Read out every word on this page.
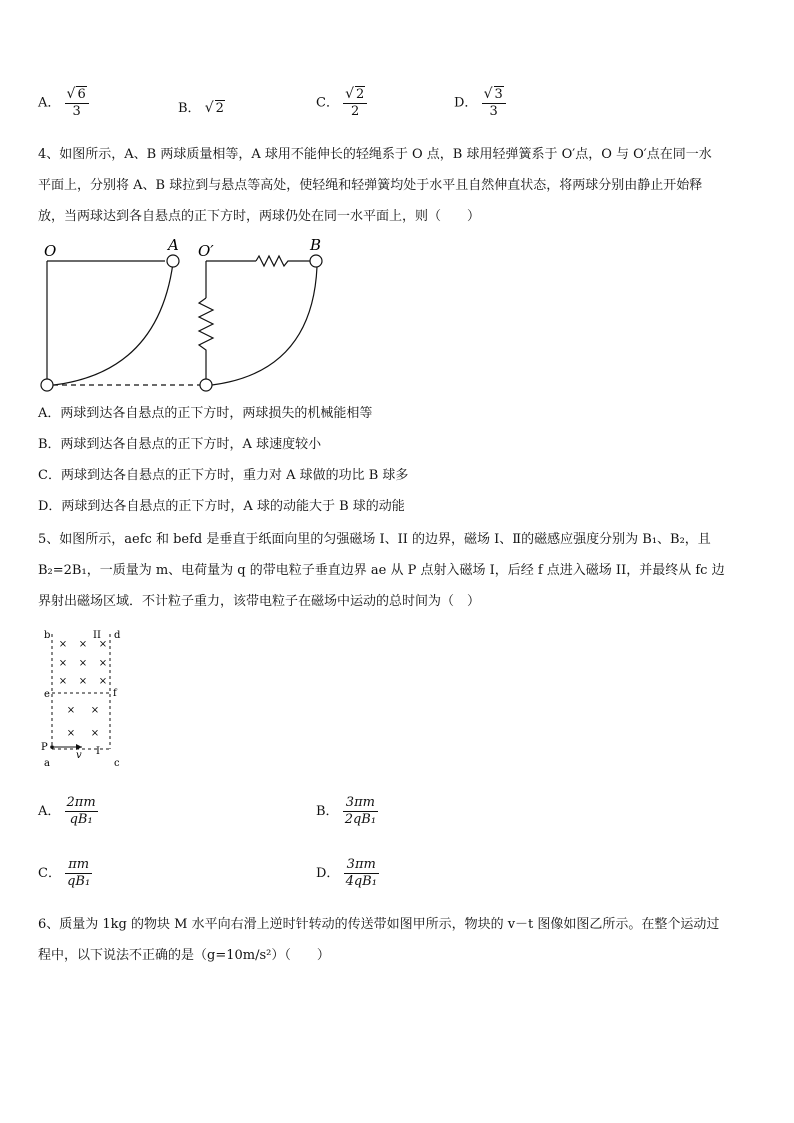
A． $\frac{√ 6}{3}$	B． √ 2	C． $\frac{√ 2}{2}$	D． $\frac{√ 3}{3}$
4、如图所示，A、B 两球质量相等，A 球用不能伸长的轻绳系于 O 点，B 球用轻弹簧系于 O′点，O 与 O′点在同一水
平面上，分别将 A、B 球拉到与悬点等高处，使轻绳和轻弹簧均处于水平且自然伸直状态，将两球分别由静止开始释
放，当两球达到各自悬点的正下方时，两球仍处在同一水平面上，则（　　）
O	A O′	B
A．两球到达各自悬点的正下方时，两球损失的机械能相等
B．两球到达各自悬点的正下方时，A 球速度较小
C．两球到达各自悬点的正下方时，重力对 A 球做的功比 B 球多
D．两球到达各自悬点的正下方时，A 球的动能大于 B 球的动能
5、如图所示，aefc 和 befd 是垂直于纸面向里的匀强磁场 I、II 的边界，磁场 I、Ⅱ的磁感应强度分别为 B₁、B₂，且
B₂=2B₁，一质量为 m、电荷量为 q 的带电粒子垂直边界 ae 从 P 点射入磁场 I，后经 f 点进入磁场 II，并最终从 fc 边
界射出磁场区域．不计粒子重力，该带电粒子在磁场中运动的总时间为（　）
× × ×
× × ×
× × ×
× ×
× ×
b	II d
e	f
P
v I
a	c
A． $\frac{2\pi m}{\text{qB₁}}$	B． $\frac{3\pi m}{\text{2qB₁}}$
C． $\frac{\pi m}{\text{qB₁}}$	D． $\frac{3\pi m}{\text{4qB₁}}$
6、质量为 1kg 的物块 M 水平向右滑上逆时针转动的传送带如图甲所示，物块的 v－t 图像如图乙所示。在整个运动过
程中，以下说法不正确的是（g=10m/s²）（　　）
